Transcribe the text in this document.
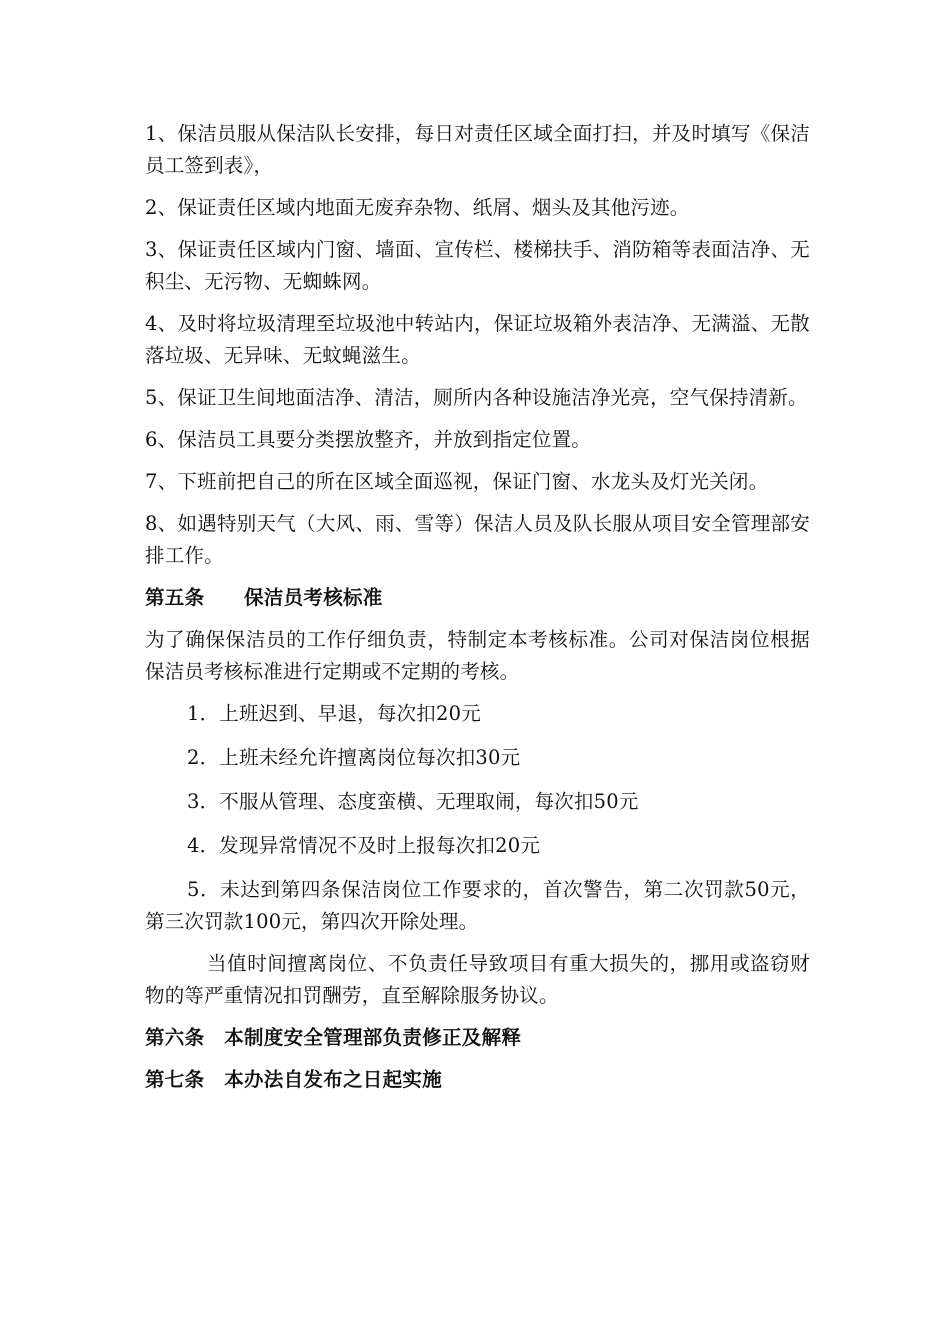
1、保洁员服从保洁队长安排，每日对责任区域全面打扫，并及时填写《保洁员工签到表》，

2、保证责任区域内地面无废弃杂物、纸屑、烟头及其他污迹。

3、保证责任区域内门窗、墙面、宣传栏、楼梯扶手、消防箱等表面洁净、无积尘、无污物、无蜘蛛网。

4、及时将垃圾清理至垃圾池中转站内，保证垃圾箱外表洁净、无满溢、无散落垃圾、无异味、无蚊蝇滋生。

5、保证卫生间地面洁净、清洁，厕所内各种设施洁净光亮，空气保持清新。

6、保洁员工具要分类摆放整齐，并放到指定位置。

7、下班前把自己的所在区域全面巡视，保证门窗、水龙头及灯光关闭。

8、如遇特别天气（大风、雨、雪等）保洁人员及队长服从项目安全管理部安排工作。

第五条　　保洁员考核标准

为了确保保洁员的工作仔细负责，特制定本考核标准。公司对保洁岗位根据保洁员考核标准进行定期或不定期的考核。

1．上班迟到、早退，每次扣20元

2．上班未经允许擅离岗位每次扣30元

3．不服从管理、态度蛮横、无理取闹，每次扣50元

4．发现异常情况不及时上报每次扣20元

5．未达到第四条保洁岗位工作要求的，首次警告，第二次罚款50元，第三次罚款100元，第四次开除处理。

当值时间擅离岗位、不负责任导致项目有重大损失的，挪用或盗窃财物的等严重情况扣罚酬劳，直至解除服务协议。

第六条　本制度安全管理部负责修正及解释

第七条　本办法自发布之日起实施
